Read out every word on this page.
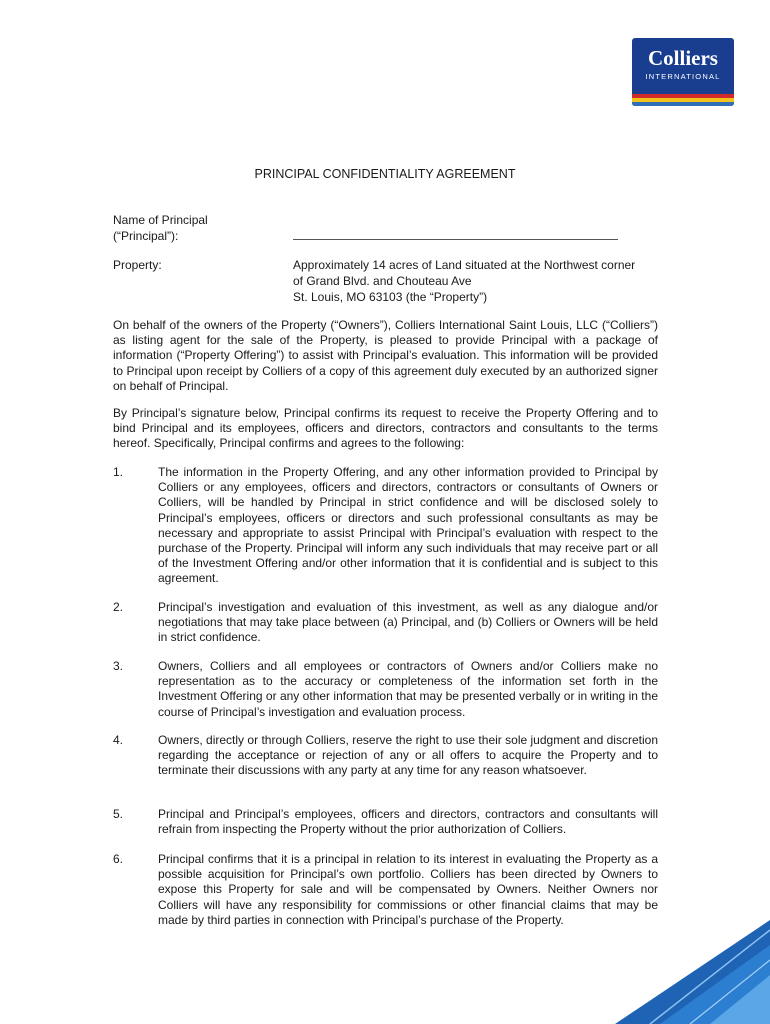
Colliers
INTERNATIONAL
PRINCIPAL CONFIDENTIALITY AGREEMENT
Name of Principal
(“Principal”):
Property:	Approximately 14 acres of Land situated at the Northwest corner
of Grand Blvd. and Chouteau Ave
St. Louis, MO 63103 (the “Property”)
On behalf of the owners of the Property (“Owners”), Colliers International Saint Louis, LLC (“Colliers”) as listing agent for the sale of the Property, is pleased to provide Principal with a package of information (“Property Offering”) to assist with Principal’s evaluation. This information will be provided to Principal upon receipt by Colliers of a copy of this agreement duly executed by an authorized signer on behalf of Principal.
By Principal’s signature below, Principal confirms its request to receive the Property Offering and to bind Principal and its employees, officers and directors, contractors and consultants to the terms hereof. Specifically, Principal confirms and agrees to the following:
1.	The information in the Property Offering, and any other information provided to Principal by Colliers or any employees, officers and directors, contractors or consultants of Owners or Colliers, will be handled by Principal in strict confidence and will be disclosed solely to Principal’s employees, officers or directors and such professional consultants as may be necessary and appropriate to assist Principal with Principal’s evaluation with respect to the purchase of the Property. Principal will inform any such individuals that may receive part or all of the Investment Offering and/or other information that it is confidential and is subject to this agreement.
2.	Principal’s investigation and evaluation of this investment, as well as any dialogue and/or negotiations that may take place between (a) Principal, and (b) Colliers or Owners will be held in strict confidence.
3.	Owners, Colliers and all employees or contractors of Owners and/or Colliers make no representation as to the accuracy or completeness of the information set forth in the Investment Offering or any other information that may be presented verbally or in writing in the course of Principal’s investigation and evaluation process.
4.	Owners, directly or through Colliers, reserve the right to use their sole judgment and discretion regarding the acceptance or rejection of any or all offers to acquire the Property and to terminate their discussions with any party at any time for any reason whatsoever.
5.	Principal and Principal’s employees, officers and directors, contractors and consultants will refrain from inspecting the Property without the prior authorization of Colliers.
6.	Principal confirms that it is a principal in relation to its interest in evaluating the Property as a possible acquisition for Principal’s own portfolio. Colliers has been directed by Owners to expose this Property for sale and will be compensated by Owners. Neither Owners nor Colliers will have any responsibility for commissions or other financial claims that may be made by third parties in connection with Principal’s purchase of the Property.
